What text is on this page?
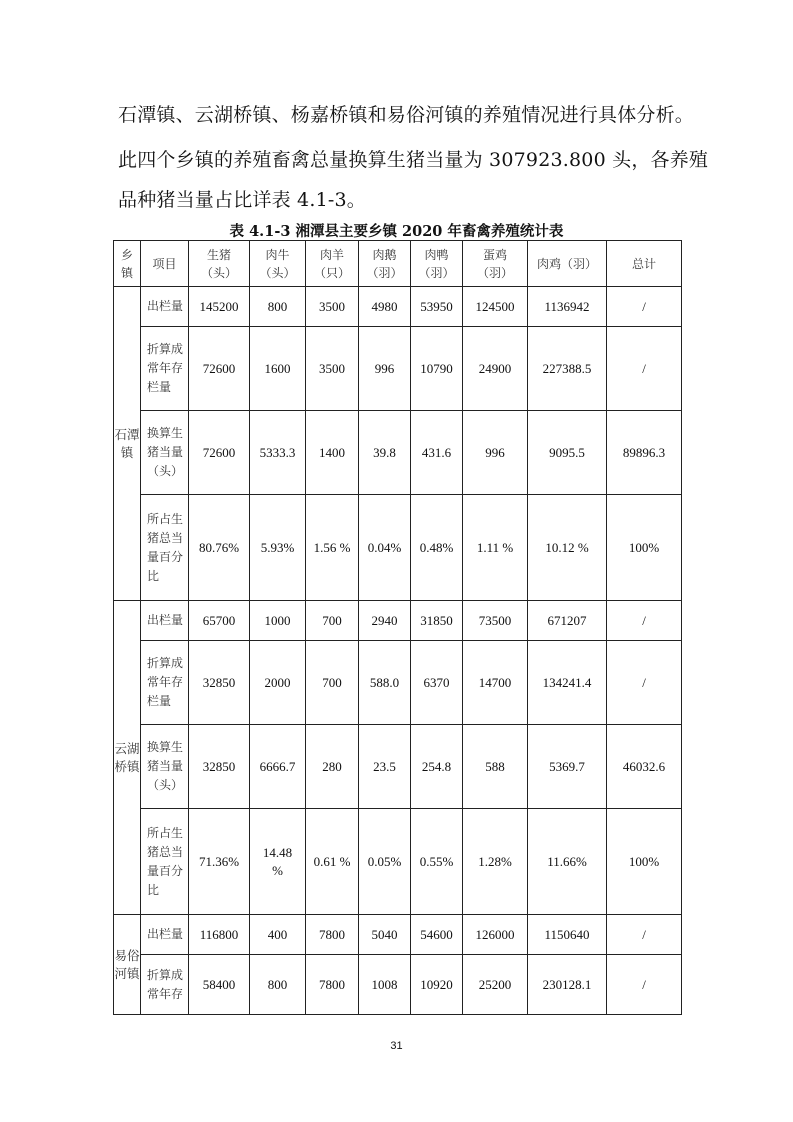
石潭镇、云湖桥镇、杨嘉桥镇和易俗河镇的养殖情况进行具体分析。
此四个乡镇的养殖畜禽总量换算生猪当量为 307923.800 头，各养殖
品种猪当量占比详表 4.1-3。
表 4.1-3 湘潭县主要乡镇 2020 年畜禽养殖统计表
乡镇	项目	生猪（头）	肉牛（头）	肉羊（只）	肉鹅（羽）	肉鸭（羽）	蛋鸡（羽）	肉鸡（羽）	总计
石潭镇	出栏量	145200	800	3500	4980	53950	124500	1136942	/
	折算成常年存栏量	72600	1600	3500	996	10790	24900	227388.5	/
	换算生猪当量（头）	72600	5333.3	1400	39.8	431.6	996	9095.5	89896.3
	所占生猪总当量百分比	80.76%	5.93%	1.56 %	0.04%	0.48%	1.11 %	10.12 %	100%
云湖桥镇	出栏量	65700	1000	700	2940	31850	73500	671207	/
	折算成常年存栏量	32850	2000	700	588.0	6370	14700	134241.4	/
	换算生猪当量（头）	32850	6666.7	280	23.5	254.8	588	5369.7	46032.6
	所占生猪总当量百分比	71.36%	14.48 %	0.61 %	0.05%	0.55%	1.28%	11.66%	100%
易俗河镇	出栏量	116800	400	7800	5040	54600	126000	1150640	/
	折算成常年存	58400	800	7800	1008	10920	25200	230128.1	/
31
